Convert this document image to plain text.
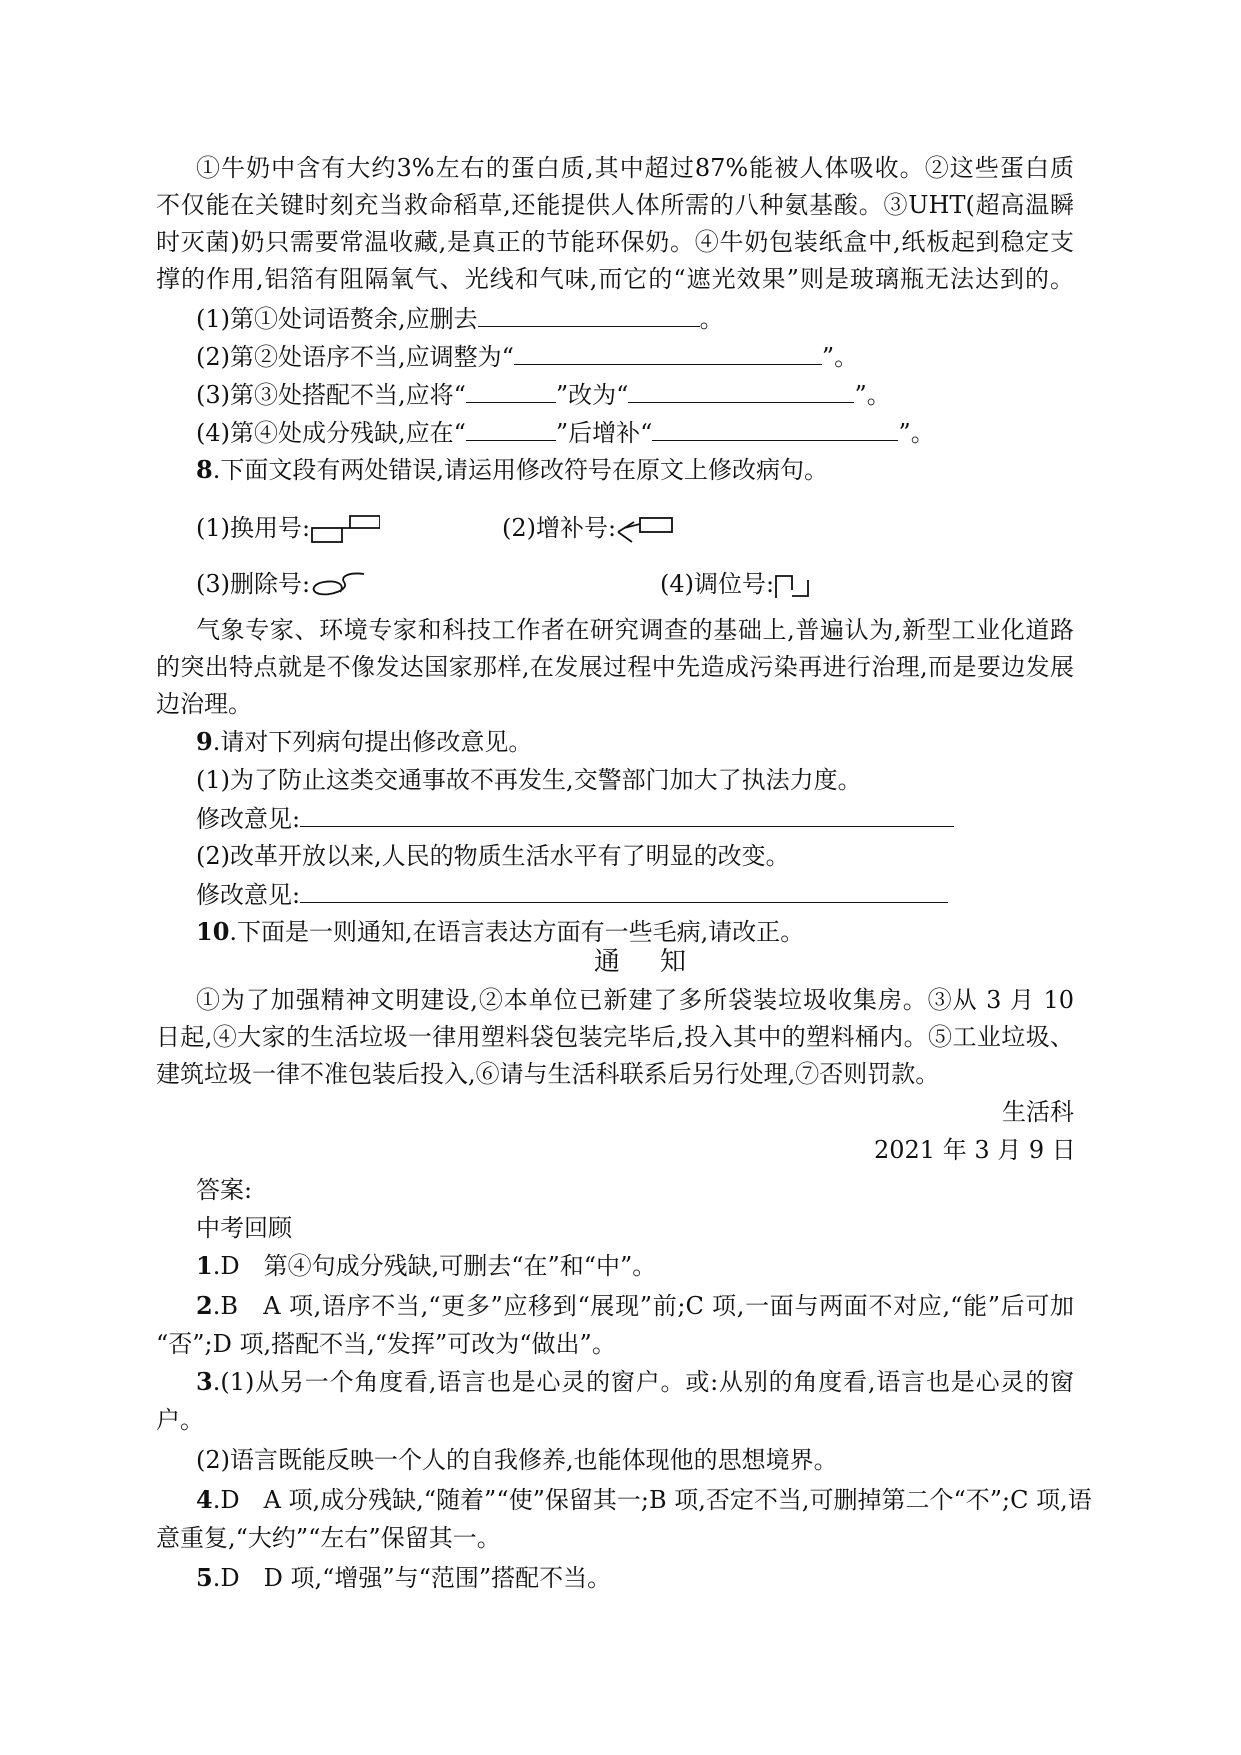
①牛奶中含有大约3%左右的蛋白质,其中超过87%能被人体吸收。②这些蛋白质
不仅能在关键时刻充当救命稻草,还能提供人体所需的八种氨基酸。③UHT(超高温瞬
时灭菌)奶只需要常温收藏,是真正的节能环保奶。④牛奶包装纸盒中,纸板起到稳定支
撑的作用,铝箔有阻隔氧气、光线和气味,而它的“遮光效果”则是玻璃瓶无法达到的。
(1)第①处词语赘余,应删去	。
(2)第②处语序不当,应调整为“	”。
(3)第③处搭配不当,应将“	”改为“	”。
(4)第④处成分残缺,应在“	”后增补“	”。
8.下面文段有两处错误,请运用修改符号在原文上修改病句。
(1)换用号:	(2)增补号:
(3)删除号:	(4)调位号:
气象专家、环境专家和科技工作者在研究调查的基础上,普遍认为,新型工业化道路
的突出特点就是不像发达国家那样,在发展过程中先造成污染再进行治理,而是要边发展
边治理。
9.请对下列病句提出修改意见。
(1)为了防止这类交通事故不再发生,交警部门加大了执法力度。
修改意见:
(2)改革开放以来,人民的物质生活水平有了明显的改变。
修改意见:
10.下面是一则通知,在语言表达方面有一些毛病,请改正。
通知
①为了加强精神文明建设,②本单位已新建了多所袋装垃圾收集房。③从 3 月 10
日起,④大家的生活垃圾一律用塑料袋包装完毕后,投入其中的塑料桶内。⑤工业垃圾、
建筑垃圾一律不准包装后投入,⑥请与生活科联系后另行处理,⑦否则罚款。
生活科
2021 年 3 月 9 日
答案:
中考回顾
1.D　第④句成分残缺,可删去“在”和“中”。
2.B　A 项,语序不当,“更多”应移到“展现”前;C 项,一面与两面不对应,“能”后可加
“否”;D 项,搭配不当,“发挥”可改为“做出”。
3.(1)从另一个角度看,语言也是心灵的窗户。或:从别的角度看,语言也是心灵的窗
户。
(2)语言既能反映一个人的自我修养,也能体现他的思想境界。
4.D　A 项,成分残缺,“随着”“使”保留其一;B 项,否定不当,可删掉第二个“不”;C 项,语
意重复,“大约”“左右”保留其一。
5.D　D 项,“增强”与“范围”搭配不当。
